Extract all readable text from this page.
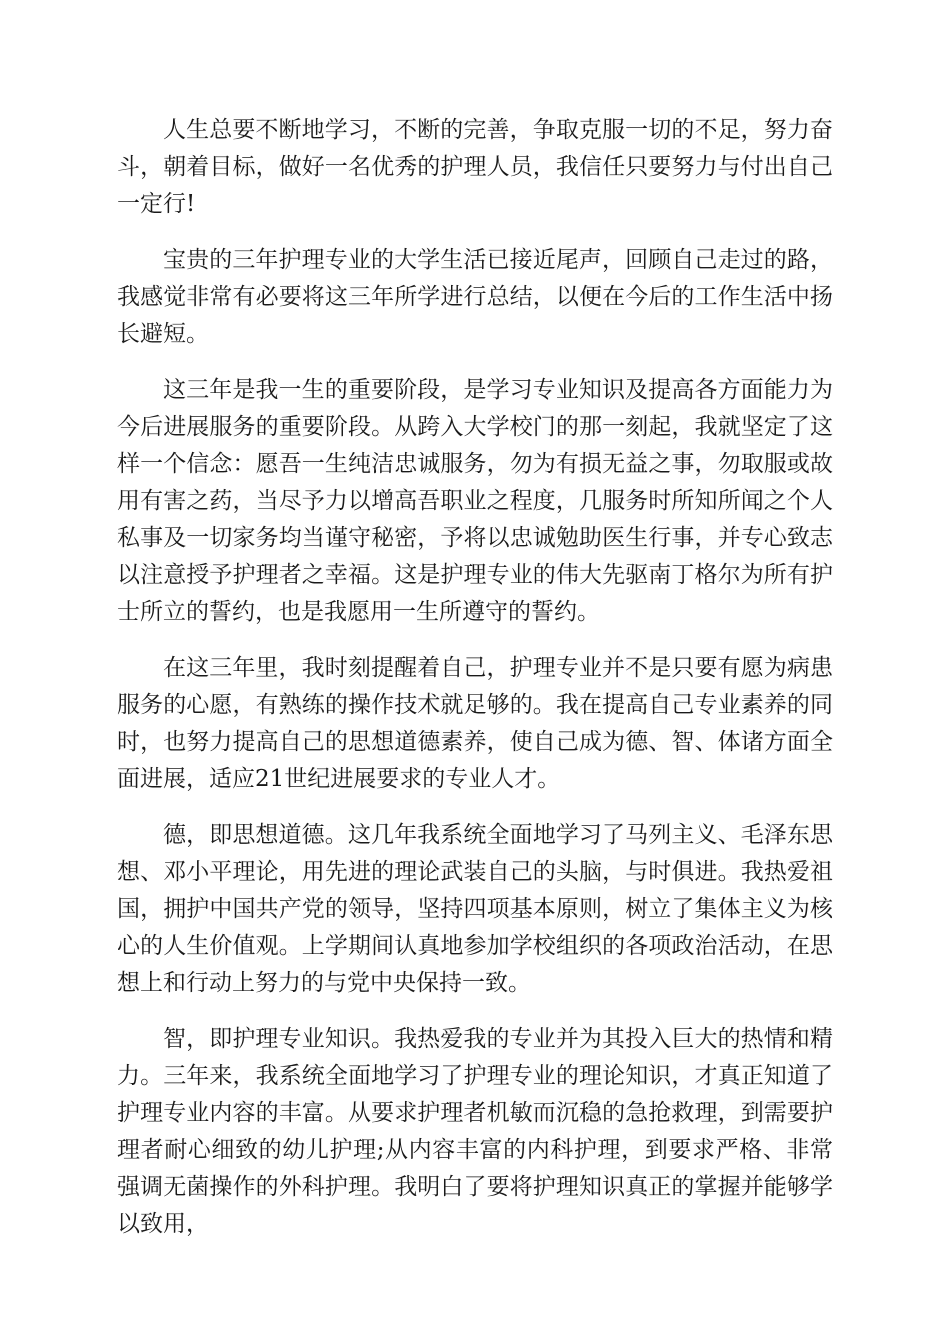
人生总要不断地学习，不断的完善，争取克服一切的不足，努力奋斗，朝着目标，做好一名优秀的护理人员，我信任只要努力与付出自己一定行!

宝贵的三年护理专业的大学生活已接近尾声，回顾自己走过的路，我感觉非常有必要将这三年所学进行总结，以便在今后的工作生活中扬长避短。

这三年是我一生的重要阶段，是学习专业知识及提高各方面能力为今后进展服务的重要阶段。从跨入大学校门的那一刻起，我就坚定了这样一个信念：愿吾一生纯洁忠诚服务，勿为有损无益之事，勿取服或故用有害之药，当尽予力以增高吾职业之程度，几服务时所知所闻之个人私事及一切家务均当谨守秘密，予将以忠诚勉助医生行事，并专心致志以注意授予护理者之幸福。这是护理专业的伟大先驱南丁格尔为所有护士所立的誓约，也是我愿用一生所遵守的誓约。

在这三年里，我时刻提醒着自己，护理专业并不是只要有愿为病患服务的心愿，有熟练的操作技术就足够的。我在提高自己专业素养的同时，也努力提高自己的思想道德素养，使自己成为德、智、体诸方面全面进展，适应21世纪进展要求的专业人才。

德，即思想道德。这几年我系统全面地学习了马列主义、毛泽东思想、邓小平理论，用先进的理论武装自己的头脑，与时俱进。我热爱祖国，拥护中国共产党的领导，坚持四项基本原则，树立了集体主义为核心的人生价值观。上学期间认真地参加学校组织的各项政治活动，在思想上和行动上努力的与党中央保持一致。

智，即护理专业知识。我热爱我的专业并为其投入巨大的热情和精力。三年来，我系统全面地学习了护理专业的理论知识，才真正知道了护理专业内容的丰富。从要求护理者机敏而沉稳的急抢救理，到需要护理者耐心细致的幼儿护理;从内容丰富的内科护理，到要求严格、非常强调无菌操作的外科护理。我明白了要将护理知识真正的掌握并能够学以致用，
